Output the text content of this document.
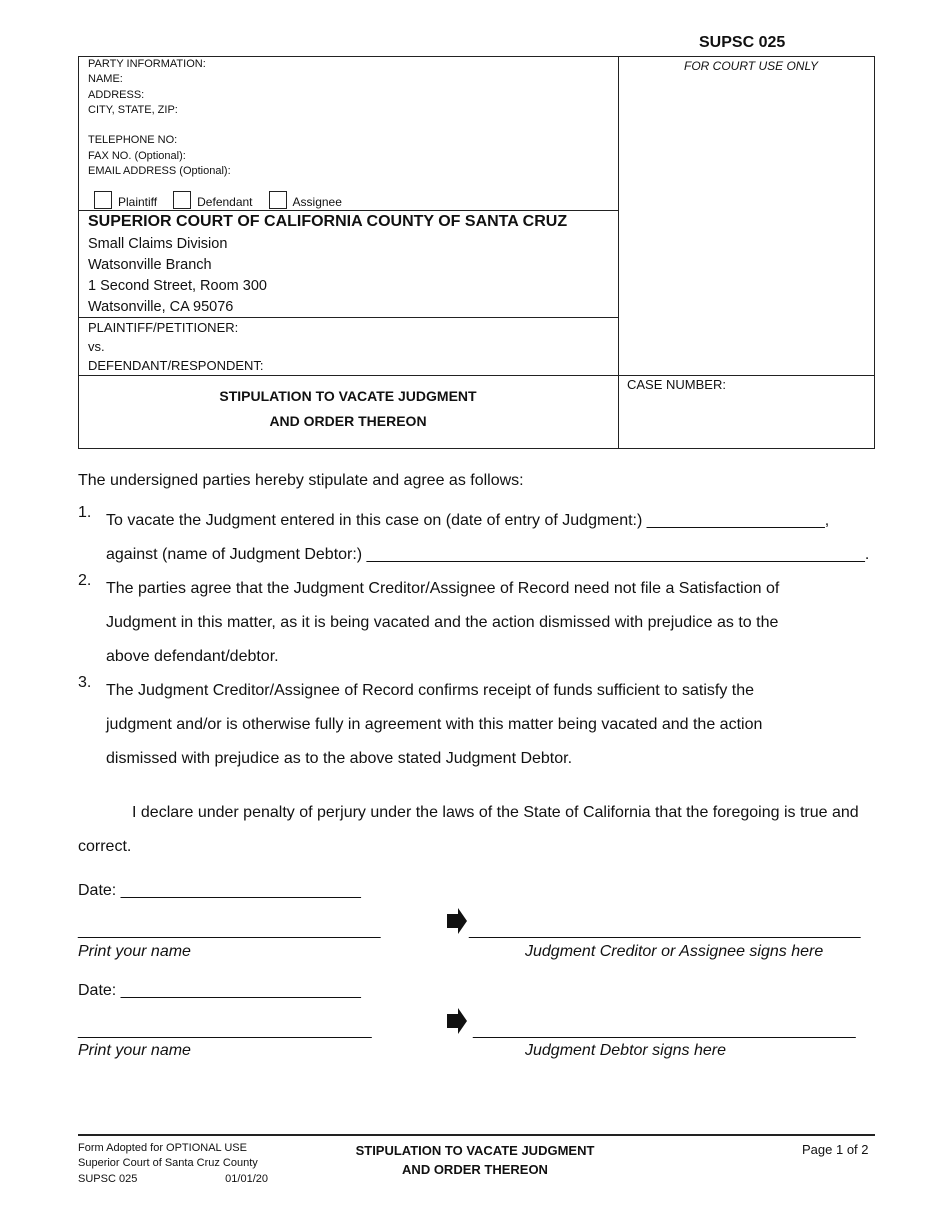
SUPSC 025
FOR COURT USE ONLY
PARTY INFORMATION:
NAME:
ADDRESS:
CITY, STATE, ZIP:
TELEPHONE NO:
FAX NO. (Optional):
EMAIL ADDRESS (Optional):
Plaintiff	Defendant	Assignee
SUPERIOR COURT OF CALIFORNIA COUNTY OF SANTA CRUZ
Small Claims Division
Watsonville Branch
1 Second Street, Room 300
Watsonville, CA 95076
PLAINTIFF/PETITIONER:
vs.
DEFENDANT/RESPONDENT:
STIPULATION TO VACATE JUDGMENT
AND ORDER THEREON
CASE NUMBER:
The undersigned parties hereby stipulate and agree as follows:
1. To vacate the Judgment entered in this case on (date of entry of Judgment:) ____________________,
against (name of Judgment Debtor:) ________________________________________________________.
2. The parties agree that the Judgment Creditor/Assignee of Record need not file a Satisfaction of
Judgment in this matter, as it is being vacated and the action dismissed with prejudice as to the
above defendant/debtor.
3. The Judgment Creditor/Assignee of Record confirms receipt of funds sufficient to satisfy the
judgment and/or is otherwise fully in agreement with this matter being vacated and the action
dismissed with prejudice as to the above stated Judgment Debtor.
I declare under penalty of perjury under the laws of the State of California that the foregoing is true and correct.
Date: ___________________________
__________________________________
Print your name
____________________________________________
Judgment Creditor or Assignee signs here
Date: ___________________________
_________________________________
Print your name
___________________________________________
Judgment Debtor signs here
Form Adopted for OPTIONAL USE
Superior Court of Santa Cruz County
SUPSC 025	01/01/20
STIPULATION TO VACATE JUDGMENT
AND ORDER THEREON
Page 1 of 2
